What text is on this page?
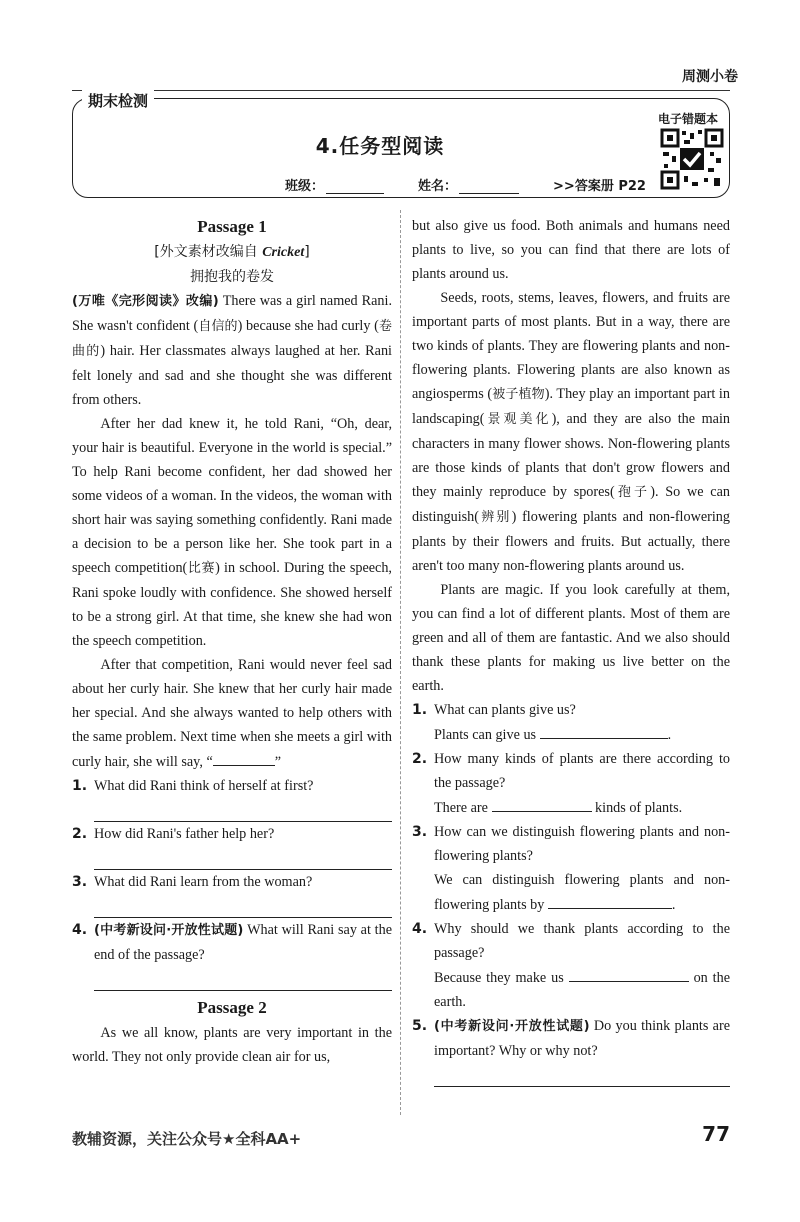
周测小卷
期末检测
4.任务型阅读
班级：	姓名：	>>答案册 P22
电子错题本
Passage 1
[外文素材改编自 Cricket]
拥抱我的卷发

(万唯《完形阅读》改编) There was a girl named Rani. She wasn't confident (自信的) because she had curly (卷曲的) hair. Her classmates always laughed at her. Rani felt lonely and sad and she thought she was different from others.

After her dad knew it, he told Rani, “Oh, dear, your hair is beautiful. Everyone in the world is special.” To help Rani become confident, her dad showed her some videos of a woman. In the videos, the woman with short hair was saying something confidently. Rani made a decision to be a person like her. She took part in a speech competition(比赛) in school. During the speech, Rani spoke loudly with confidence. She showed herself to be a strong girl. At that time, she knew she had won the speech competition.

After that competition, Rani would never feel sad about her curly hair. She knew that her curly hair made her special. And she always wanted to help others with the same problem. Next time when she meets a girl with curly hair, she will say, “	”

1. What did Rani think of herself at first?
2. How did Rani's father help her?
3. What did Rani learn from the woman?
4. (中考新设问·开放性试题) What will Rani say at the end of the passage?
Passage 2

As we all know, plants are very important in the world. They not only provide clean air for us,

but also give us food. Both animals and humans need plants to live, so you can find that there are lots of plants around us.

Seeds, roots, stems, leaves, flowers, and fruits are important parts of most plants. But in a way, there are two kinds of plants. They are flowering plants and non-flowering plants. Flowering plants are also known as angiosperms (被子植物). They play an important part in landscaping(景观美化), and they are also the main characters in many flower shows. Non-flowering plants are those kinds of plants that don't grow flowers and they mainly reproduce by spores(孢子). So we can distinguish(辨别) flowering plants and non-flowering plants by their flowers and fruits. But actually, there aren't too many non-flowering plants around us.

Plants are magic. If you look carefully at them, you can find a lot of different plants. Most of them are green and all of them are fantastic. And we also should thank these plants for making us live better on the earth.

1. What can plants give us?
Plants can give us	.
2. How many kinds of plants are there according to the passage?
There are	kinds of plants.
3. How can we distinguish flowering plants and non-flowering plants?
We can distinguish flowering plants and non-flowering plants by	.
4. Why should we thank plants according to the passage?
Because they make us	on the earth.
5. (中考新设问·开放性试题) Do you think plants are important? Why or why not?
教辅资源，关注公众号★全科AA+	77
